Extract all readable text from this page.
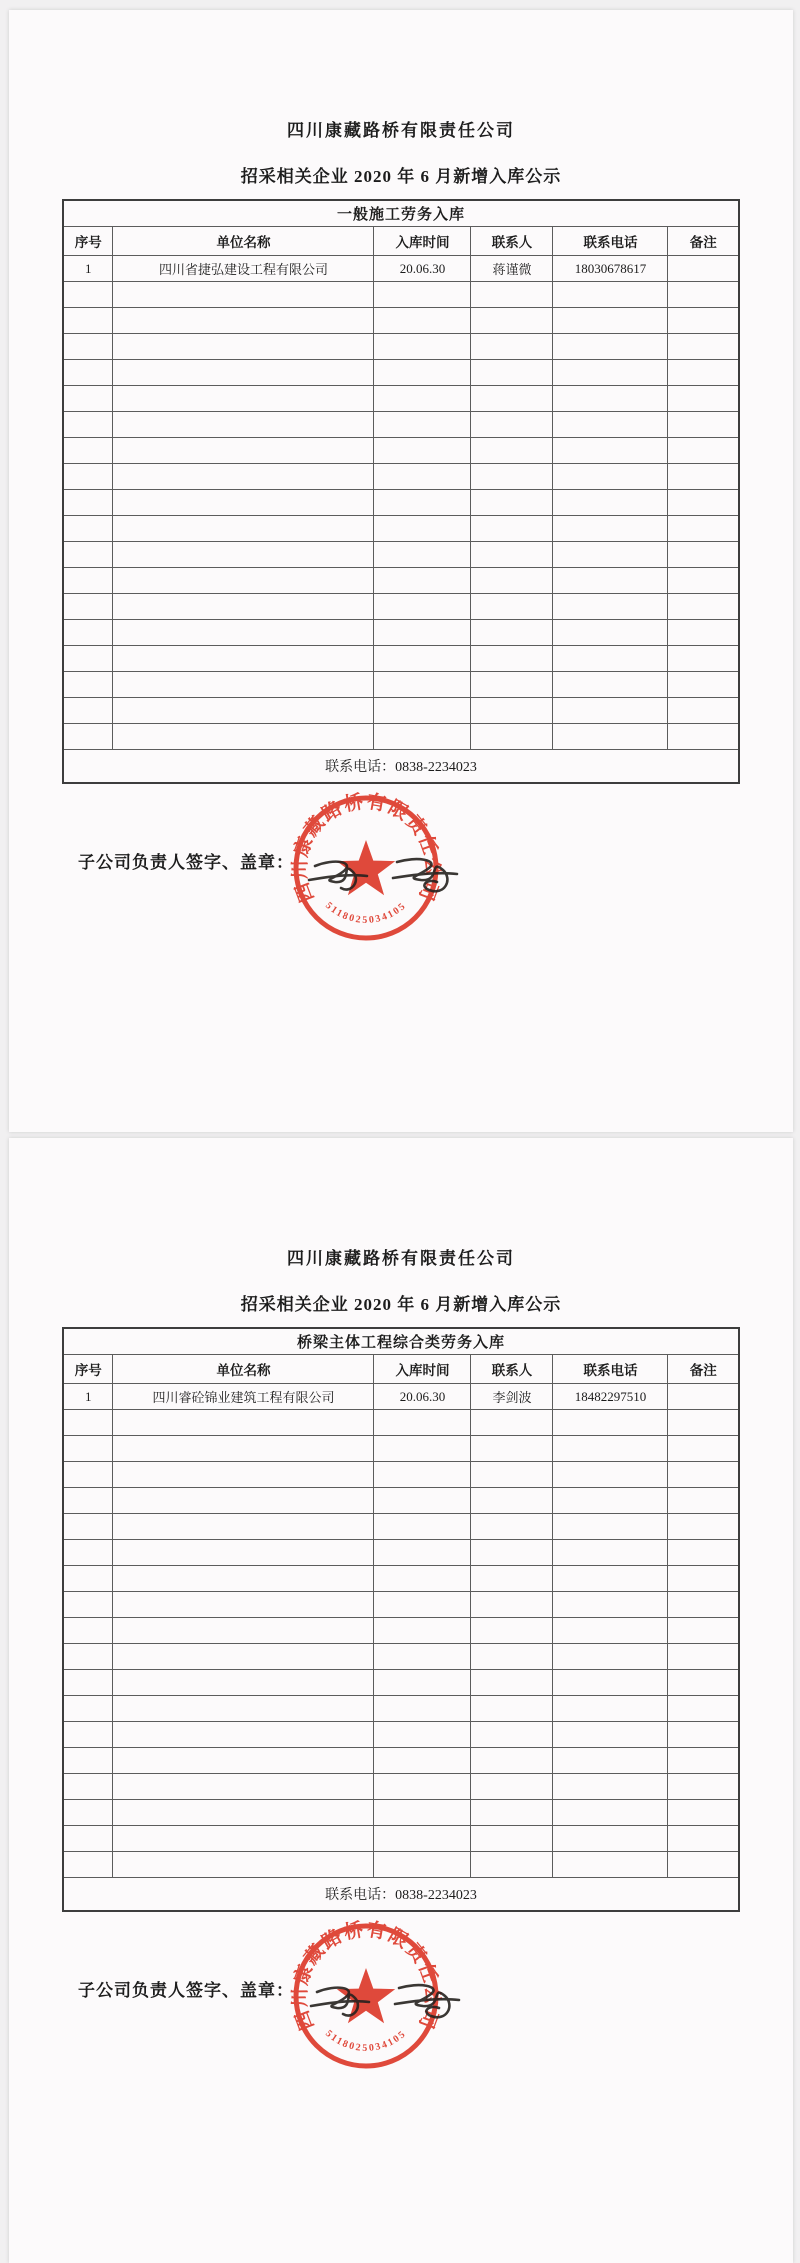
四川康藏路桥有限责任公司
招采相关企业 2020 年 6 月新增入库公示
一般施工劳务入库					
序号	单位名称	入库时间	联系人	联系电话	备注
1	四川省捷弘建设工程有限公司	20.06.30	蒋谨微	18030678617	

联系电话：0838-2234023					
子公司负责人签字、盖章：
四川康藏路桥有限责任公司
5118025034105
四川康藏路桥有限责任公司
招采相关企业 2020 年 6 月新增入库公示
桥梁主体工程综合类劳务入库					
序号	单位名称	入库时间	联系人	联系电话	备注
1	四川睿砼锦业建筑工程有限公司	20.06.30	李剑波	18482297510	

联系电话：0838-2234023					
子公司负责人签字、盖章：
四川康藏路桥有限责任公司
5118025034105
